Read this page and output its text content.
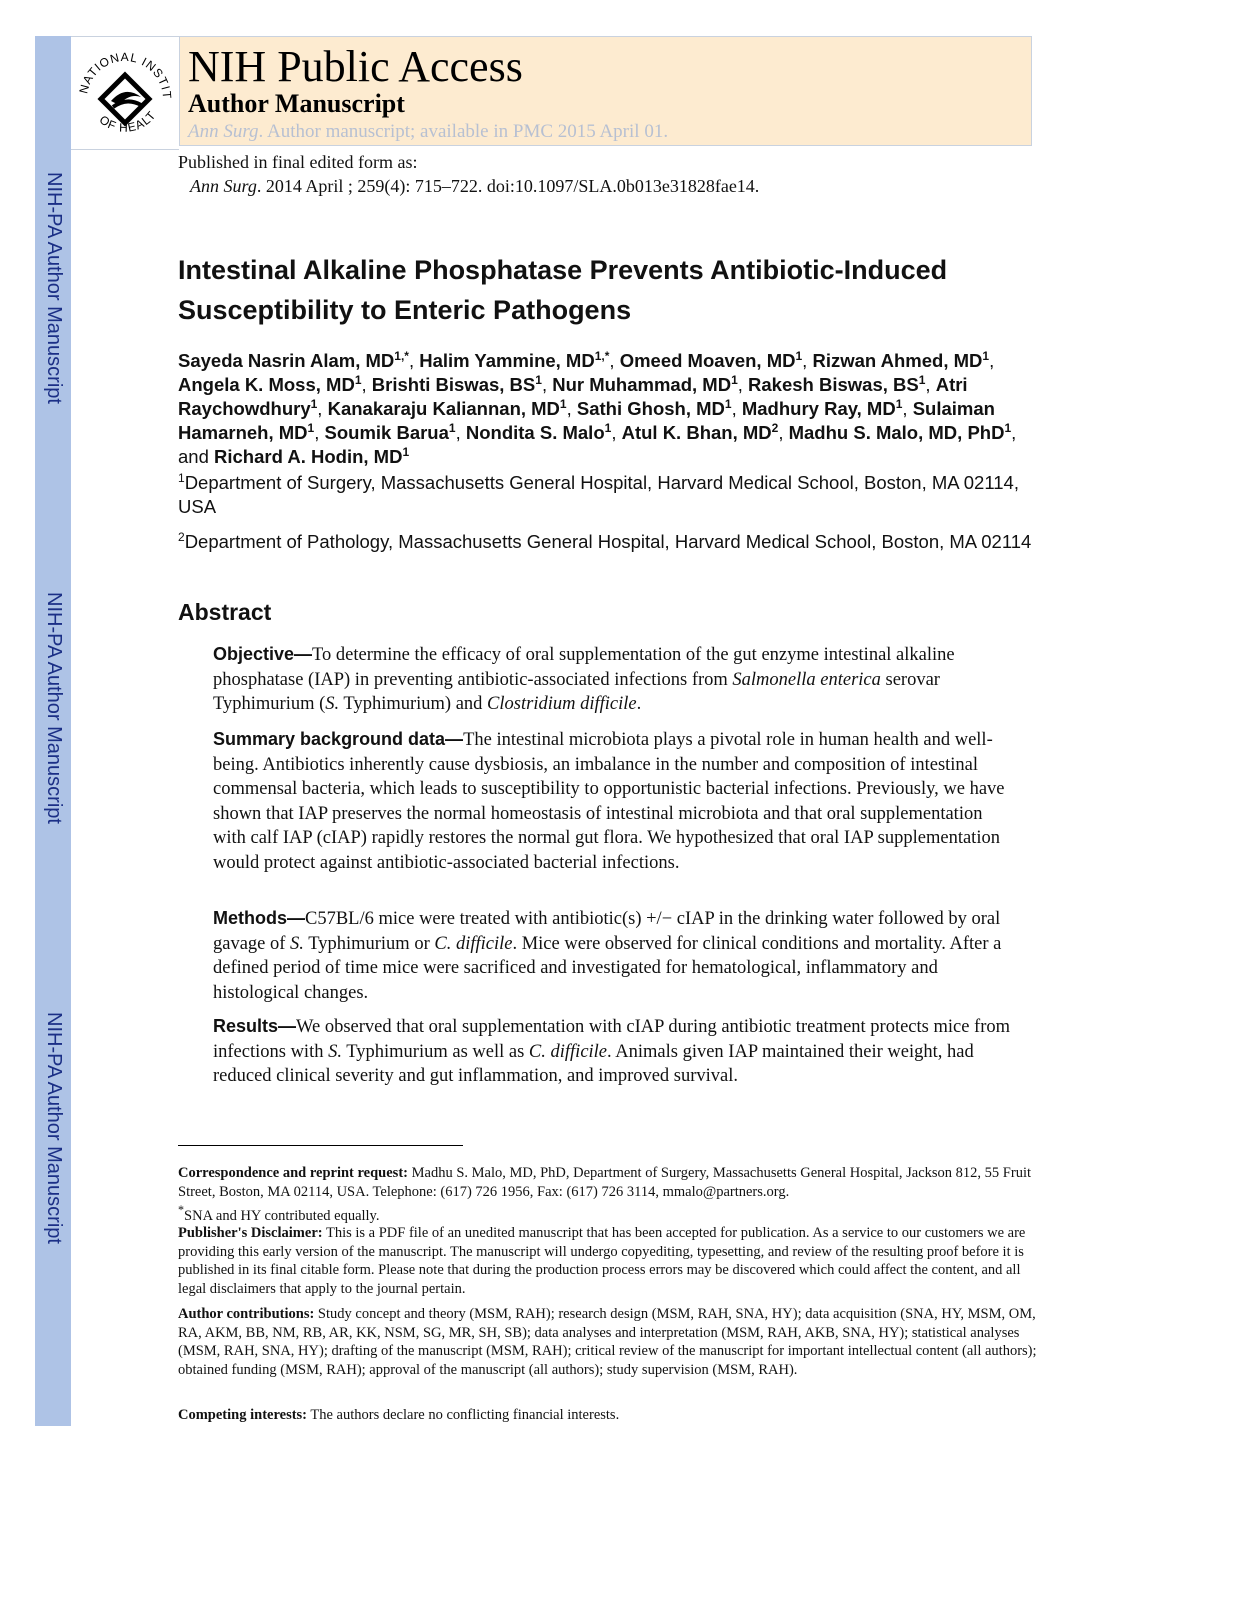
NIH-PA Author Manuscript
NIH-PA Author Manuscript
NIH-PA Author Manuscript
NATIONAL INSTIT
OF HEALT
NIH Public Access
Author Manuscript
Ann Surg. Author manuscript; available in PMC 2015 April 01.
Published in final edited form as:
Ann Surg. 2014 April ; 259(4): 715–722. doi:10.1097/SLA.0b013e31828fae14.
Intestinal Alkaline Phosphatase Prevents Antibiotic-Induced
Susceptibility to Enteric Pathogens
Sayeda Nasrin Alam, $MD^{1,*}$, Halim Yammine, $MD^{1,*}$, Omeed Moaven, $MD^1$, Rizwan Ahmed, $MD^1$, Angela K. Moss, $MD^1$, Brishti Biswas, $BS^1$, Nur Muhammad, $MD^1$, Rakesh Biswas, $BS^1$, Atri Raychowdhury$^1$, Kanakaraju Kaliannan, $MD^1$, Sathi Ghosh, $MD^1$, Madhury Ray, $MD^1$, Sulaiman Hamarneh, $MD^1$, Soumik Barua$^1$, Nondita S. Malo$^1$, Atul K. Bhan, $MD^2$, Madhu S. Malo, MD, PhD$^1$, and Richard A. Hodin, $MD^1$
$^1$Department of Surgery, Massachusetts General Hospital, Harvard Medical School, Boston, MA 02114, USA
$^2$Department of Pathology, Massachusetts General Hospital, Harvard Medical School, Boston, MA 02114
Abstract
Objective—To determine the efficacy of oral supplementation of the gut enzyme intestinal alkaline phosphatase (IAP) in preventing antibiotic-associated infections from Salmonella enterica serovar Typhimurium (S. Typhimurium) and Clostridium difficile.
Summary background data—The intestinal microbiota plays a pivotal role in human health and well-being. Antibiotics inherently cause dysbiosis, an imbalance in the number and composition of intestinal commensal bacteria, which leads to susceptibility to opportunistic bacterial infections. Previously, we have shown that IAP preserves the normal homeostasis of intestinal microbiota and that oral supplementation with calf IAP (cIAP) rapidly restores the normal gut flora. We hypothesized that oral IAP supplementation would protect against antibiotic-associated bacterial infections.
Methods—C57BL/6 mice were treated with antibiotic(s) +/− cIAP in the drinking water followed by oral gavage of S. Typhimurium or C. difficile. Mice were observed for clinical conditions and mortality. After a defined period of time mice were sacrificed and investigated for hematological, inflammatory and histological changes.
Results—We observed that oral supplementation with cIAP during antibiotic treatment protects mice from infections with S. Typhimurium as well as C. difficile. Animals given IAP maintained their weight, had reduced clinical severity and gut inflammation, and improved survival.
Correspondence and reprint request: Madhu S. Malo, MD, PhD, Department of Surgery, Massachusetts General Hospital, Jackson 812, 55 Fruit Street, Boston, MA 02114, USA. Telephone: (617) 726 1956, Fax: (617) 726 3114, mmalo@partners.org.
*SNA and HY contributed equally.
Publisher's Disclaimer: This is a PDF file of an unedited manuscript that has been accepted for publication. As a service to our customers we are providing this early version of the manuscript. The manuscript will undergo copyediting, typesetting, and review of the resulting proof before it is published in its final citable form. Please note that during the production process errors may be discovered which could affect the content, and all legal disclaimers that apply to the journal pertain.
Author contributions: Study concept and theory (MSM, RAH); research design (MSM, RAH, SNA, HY); data acquisition (SNA, HY, MSM, OM, RA, AKM, BB, NM, RB, AR, KK, NSM, SG, MR, SH, SB); data analyses and interpretation (MSM, RAH, AKB, SNA, HY); statistical analyses (MSM, RAH, SNA, HY); drafting of the manuscript (MSM, RAH); critical review of the manuscript for important intellectual content (all authors); obtained funding (MSM, RAH); approval of the manuscript (all authors); study supervision (MSM, RAH).
Competing interests: The authors declare no conflicting financial interests.
